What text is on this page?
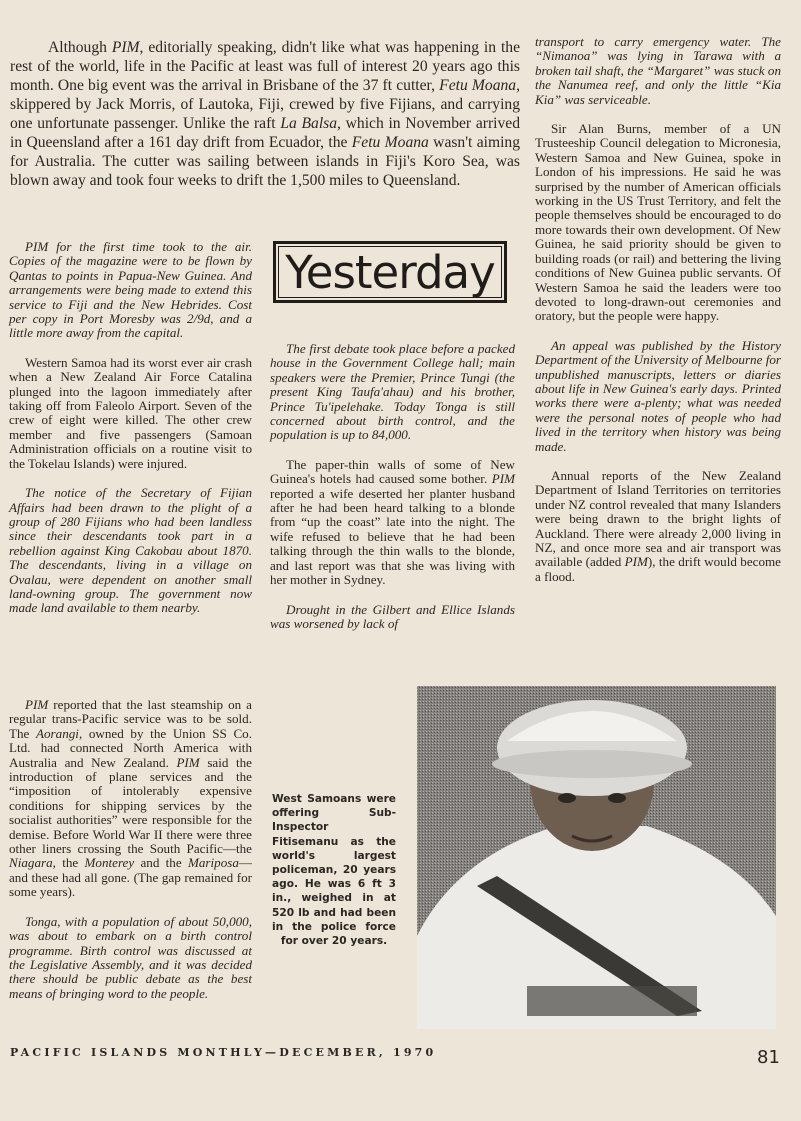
Although PIM, editorially speaking, didn't like what was happening in the rest of the world, life in the Pacific at least was full of interest 20 years ago this month. One big event was the arrival in Brisbane of the 37 ft cutter, Fetu Moana, skippered by Jack Morris, of Lautoka, Fiji, crewed by five Fijians, and carrying one unfortunate passenger. Unlike the raft La Balsa, which in November arrived in Queensland after a 161 day drift from Ecuador, the Fetu Moana wasn't aiming for Australia. The cutter was sailing between islands in Fiji's Koro Sea, was blown away and took four weeks to drift the 1,500 miles to Queensland.
Yesterday

PIM for the first time took to the air. Copies of the magazine were to be flown by Qantas to points in Papua-New Guinea. And arrangements were being made to extend this service to Fiji and the New Hebrides. Cost per copy in Port Moresby was 2/9d, and a little more away from the capital.

Western Samoa had its worst ever air crash when a New Zealand Air Force Catalina plunged into the lagoon immediately after taking off from Faleolo Airport. Seven of the crew of eight were killed. The other crew member and five passengers (Samoan Administration officials on a routine visit to the Tokelau Islands) were injured.

The notice of the Secretary of Fijian Affairs had been drawn to the plight of a group of 280 Fijians who had been landless since their descendants took part in a rebellion against King Cakobau about 1870. The descendants, living in a village on Ovalau, were dependent on another small land-owning group. The government now made land available to them nearby.

PIM reported that the last steamship on a regular trans-Pacific service was to be sold. The Aorangi, owned by the Union SS Co. Ltd. had connected North America with Australia and New Zealand. PIM said the introduction of plane services and the “imposition of intolerably expensive conditions for shipping services by the socialist authorities” were responsible for the demise. Before World War II there were three other liners crossing the South Pacific—the Niagara, the Monterey and the Mariposa—and these had all gone. (The gap remained for some years).

Tonga, with a population of about 50,000, was about to embark on a birth control programme. Birth control was discussed at the Legislative Assembly, and it was decided there should be public debate as the best means of bringing word to the people.

The first debate took place before a packed house in the Government College hall; main speakers were the Premier, Prince Tungi (the present King Taufa'ahau) and his brother, Prince Tu'ipelehake. Today Tonga is still concerned about birth control, and the population is up to 84,000.

The paper-thin walls of some of New Guinea's hotels had caused some bother. PIM reported a wife deserted her planter husband after he had been heard talking to a blonde from “up the coast” late into the night. The wife refused to believe that he had been talking through the thin walls to the blonde, and last report was that she was living with her mother in Sydney.

Drought in the Gilbert and Ellice Islands was worsened by lack of

transport to carry emergency water. The “Nimanoa” was lying in Tarawa with a broken tail shaft, the “Margaret” was stuck on the Nanumea reef, and only the little “Kia Kia” was serviceable.

Sir Alan Burns, member of a UN Trusteeship Council delegation to Micronesia, Western Samoa and New Guinea, spoke in London of his impressions. He said he was surprised by the number of American officials working in the US Trust Territory, and felt the people themselves should be encouraged to do more towards their own development. Of New Guinea, he said priority should be given to building roads (or rail) and bettering the living conditions of New Guinea public servants. Of Western Samoa he said the leaders were too devoted to long-drawn-out ceremonies and oratory, but the people were happy.

An appeal was published by the History Department of the University of Melbourne for unpublished manuscripts, letters or diaries about life in New Guinea's early days. Printed works there were a-plenty; what was needed were the personal notes of people who had lived in the territory when history was being made.

Annual reports of the New Zealand Department of Island Territories on territories under NZ control revealed that many Islanders were being drawn to the bright lights of Auckland. There were already 2,000 living in NZ, and once more sea and air transport was available (added PIM), the drift would become a flood.

West Samoans were offering Sub-Inspector Fitisemanu as the world's largest policeman, 20 years ago. He was 6 ft 3 in., weighed in at 520 lb and had been in the police force for over 20 years.
PACIFIC ISLANDS MONTHLY—DECEMBER, 1970	81
